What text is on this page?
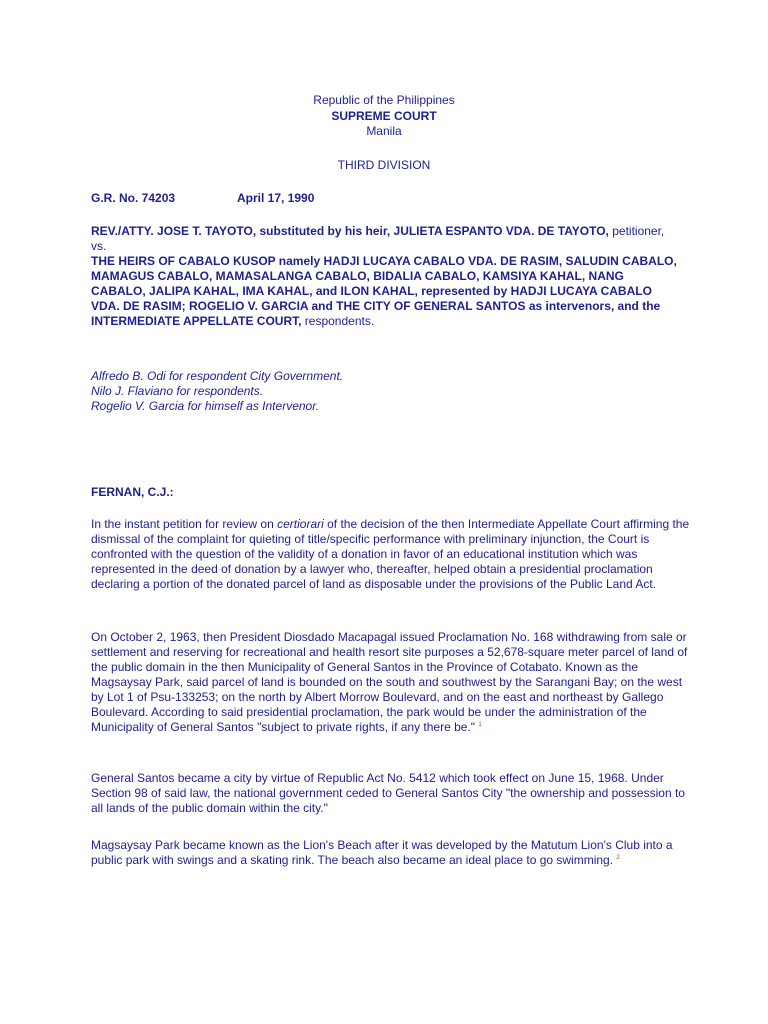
Republic of the Philippines
SUPREME COURT
Manila
THIRD DIVISION
G.R. No. 74203	April 17, 1990
REV./ATTY. JOSE T. TAYOTO, substituted by his heir, JULIETA ESPANTO VDA. DE TAYOTO, petitioner,
vs.
THE HEIRS OF CABALO KUSOP namely HADJI LUCAYA CABALO VDA. DE RASIM, SALUDIN CABALO, MAMAGUS CABALO, MAMASALANGA CABALO, BIDALIA CABALO, KAMSIYA KAHAL, NANG CABALO, JALIPA KAHAL, IMA KAHAL, and ILON KAHAL, represented by HADJI LUCAYA CABALO VDA. DE RASIM; ROGELIO V. GARCIA and THE CITY OF GENERAL SANTOS as intervenors, and the INTERMEDIATE APPELLATE COURT, respondents.
Alfredo B. Odi for respondent City Government.
Nilo J. Flaviano for respondents.
Rogelio V. Garcia for himself as Intervenor.
FERNAN, C.J.:

In the instant petition for review on certiorari of the decision of the then Intermediate Appellate Court affirming the dismissal of the complaint for quieting of title/specific performance with preliminary injunction, the Court is confronted with the question of the validity of a donation in favor of an educational institution which was represented in the deed of donation by a lawyer who, thereafter, helped obtain a presidential proclamation declaring a portion of the donated parcel of land as disposable under the provisions of the Public Land Act.

On October 2, 1963, then President Diosdado Macapagal issued Proclamation No. 168 withdrawing from sale or settlement and reserving for recreational and health resort site purposes a 52,678-square meter parcel of land of the public domain in the then Municipality of General Santos in the Province of Cotabato. Known as the Magsaysay Park, said parcel of land is bounded on the south and southwest by the Sarangani Bay; on the west by Lot 1 of Psu-133253; on the north by Albert Morrow Boulevard, and on the east and northeast by Gallego Boulevard. According to said presidential proclamation, the park would be under the administration of the Municipality of General Santos "subject to private rights, if any there be." $^1$

General Santos became a city by virtue of Republic Act No. 5412 which took effect on June 15, 1968. Under Section 98 of said law, the national government ceded to General Santos City "the ownership and possession to all lands of the public domain within the city."

Magsaysay Park became known as the Lion's Beach after it was developed by the Matutum Lion's Club into a public park with swings and a skating rink. The beach also became an ideal place to go swimming. $^2$
